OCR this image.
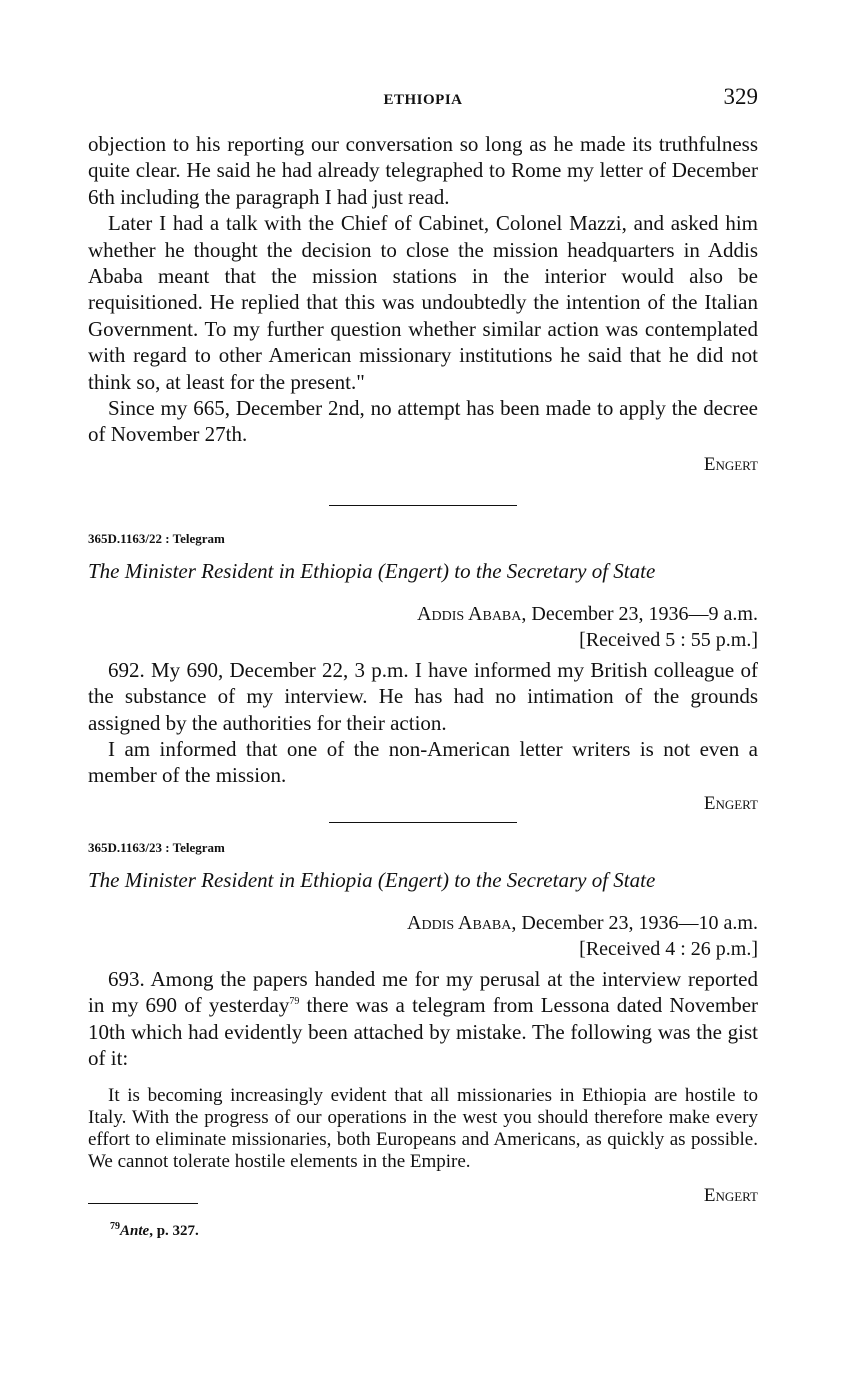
ETHIOPIA	329

objection to his reporting our conversation so long as he made its truthfulness quite clear. He said he had already telegraphed to Rome my letter of December 6th including the paragraph I had just read.

Later I had a talk with the Chief of Cabinet, Colonel Mazzi, and asked him whether he thought the decision to close the mission headquarters in Addis Ababa meant that the mission stations in the interior would also be requisitioned. He replied that this was undoubtedly the intention of the Italian Government. To my further question whether similar action was contemplated with regard to other American missionary institutions he said that he did not think so, at least for the present."

Since my 665, December 2nd, no attempt has been made to apply the decree of November 27th.

Engert

365D.1163/22 : Telegram

The Minister Resident in Ethiopia (Engert) to the Secretary of State

Addis Ababa, December 23, 1936—9 a.m.

[Received 5 : 55 p.m.]

692. My 690, December 22, 3 p.m. I have informed my British colleague of the substance of my interview. He has had no intimation of the grounds assigned by the authorities for their action.

I am informed that one of the non-American letter writers is not even a member of the mission.

Engert

365D.1163/23 : Telegram

The Minister Resident in Ethiopia (Engert) to the Secretary of State

Addis Ababa, December 23, 1936—10 a.m.

[Received 4 : 26 p.m.]

693. Among the papers handed me for my perusal at the interview reported in my 690 of yesterday$^{79}$ there was a telegram from Lessona dated November 10th which had evidently been attached by mistake. The following was the gist of it:

It is becoming increasingly evident that all missionaries in Ethiopia are hostile to Italy. With the progress of our operations in the west you should therefore make every effort to eliminate missionaries, both Europeans and Americans, as quickly as possible. We cannot tolerate hostile elements in the Empire.

Engert

$^{79}$Ante, p. 327.
